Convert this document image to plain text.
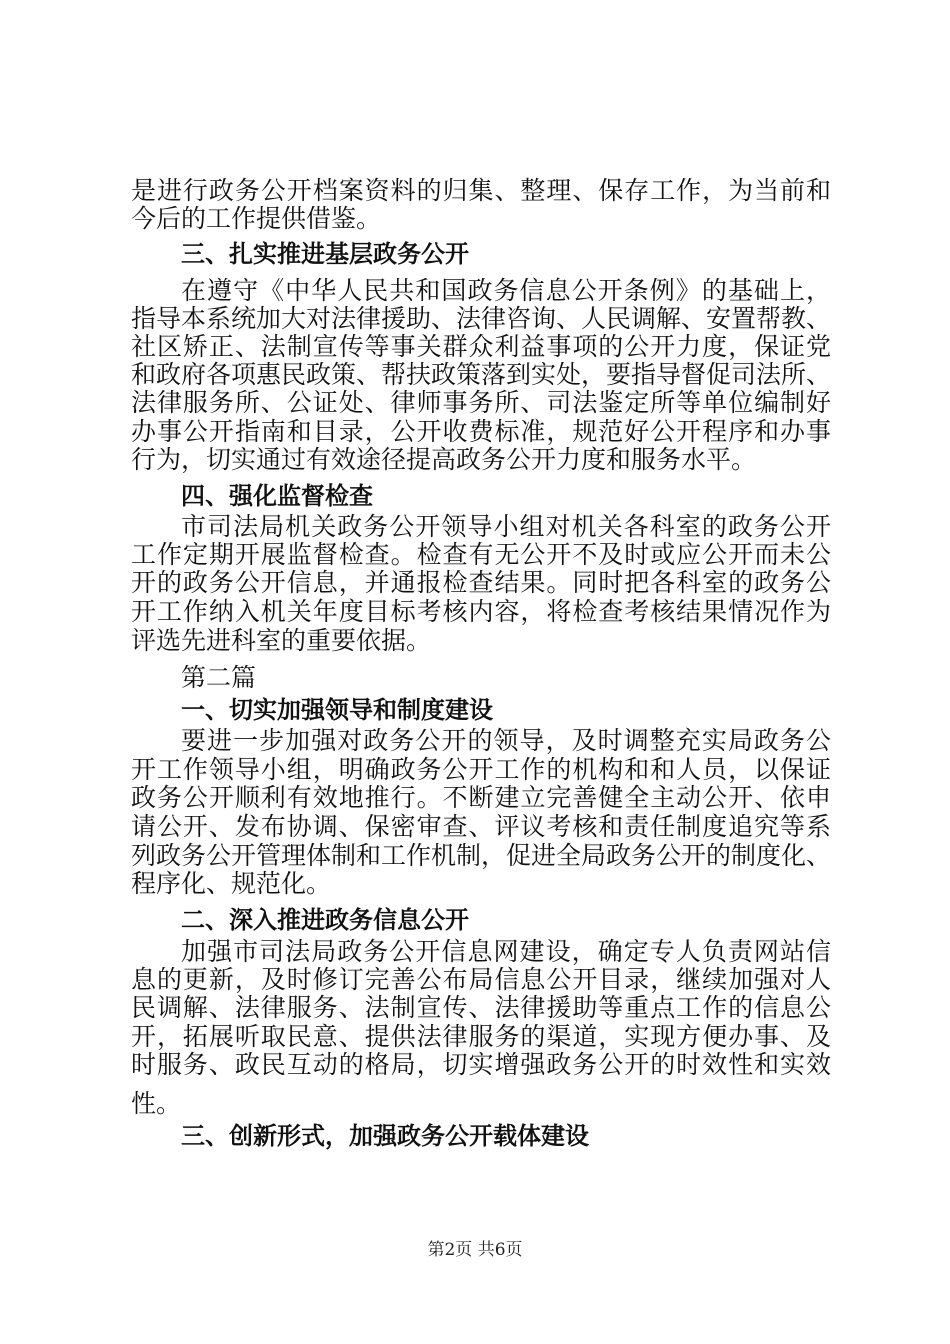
是进行政务公开档案资料的归集、整理、保存工作，为当前和
今后的工作提供借鉴。
三、扎实推进基层政务公开
在遵守《中华人民共和国政务信息公开条例》的基础上，
指导本系统加大对法律援助、法律咨询、人民调解、安置帮教、
社区矫正、法制宣传等事关群众利益事项的公开力度，保证党
和政府各项惠民政策、帮扶政策落到实处，要指导督促司法所、
法律服务所、公证处、律师事务所、司法鉴定所等单位编制好
办事公开指南和目录，公开收费标准，规范好公开程序和办事
行为，切实通过有效途径提高政务公开力度和服务水平。
四、强化监督检查
市司法局机关政务公开领导小组对机关各科室的政务公开
工作定期开展监督检查。检查有无公开不及时或应公开而未公
开的政务公开信息，并通报检查结果。同时把各科室的政务公
开工作纳入机关年度目标考核内容，将检查考核结果情况作为
评选先进科室的重要依据。
第二篇
一、切实加强领导和制度建设
要进一步加强对政务公开的领导，及时调整充实局政务公
开工作领导小组，明确政务公开工作的机构和和人员，以保证
政务公开顺利有效地推行。不断建立完善健全主动公开、依申
请公开、发布协调、保密审查、评议考核和责任制度追究等系
列政务公开管理体制和工作机制，促进全局政务公开的制度化、
程序化、规范化。
二、深入推进政务信息公开
加强市司法局政务公开信息网建设，确定专人负责网站信
息的更新，及时修订完善公布局信息公开目录，继续加强对人
民调解、法律服务、法制宣传、法律援助等重点工作的信息公
开，拓展听取民意、提供法律服务的渠道，实现方便办事、及
时服务、政民互动的格局，切实增强政务公开的时效性和实效
性。
三、创新形式，加强政务公开载体建设
第2页 共6页
